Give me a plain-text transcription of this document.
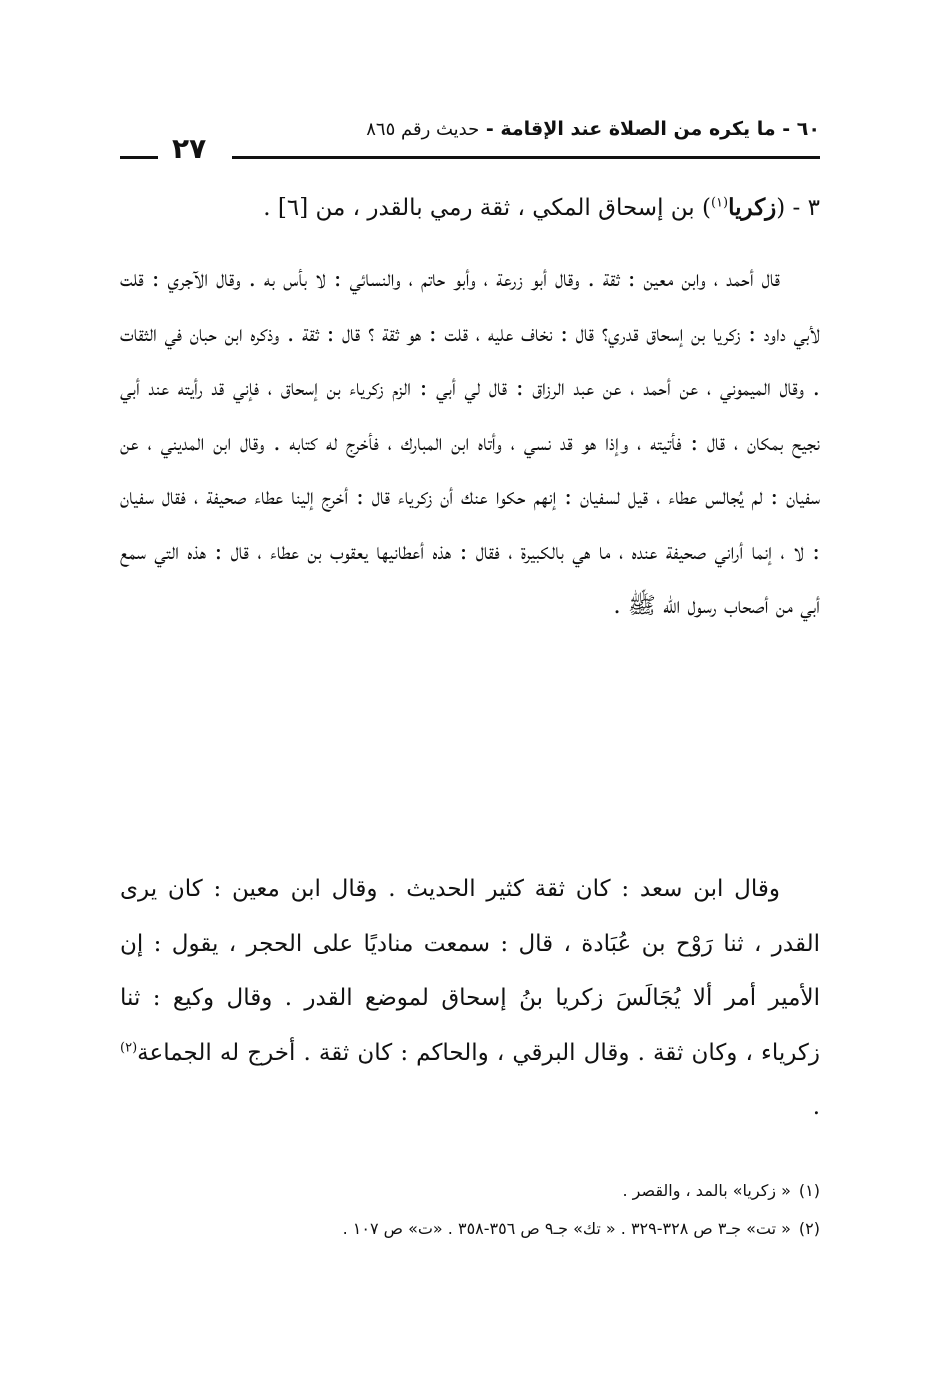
٦٠ - ما يكره من الصلاة عند الإقامة - حديث رقم ٨٦٥
٢٧
٣ - (زكريا$^{(١)}$) بن إسحاق المكي ، ثقة رمي بالقدر ، من [٦] .

قال أحمد ، وابن معين : ثقة . وقال أبو زرعة ، وأبو حاتم ، والنسائي : لا بأس به . وقال الآجري : قلت لأبي داود : زكريا بن إسحاق قدري؟ قال : نخاف عليه ، قلت : هو ثقة ؟ قال : ثقة . وذكره ابن حبان في الثقات . وقال الميموني ، عن أحمد ، عن عبد الرزاق : قال لي أبي : الزم زكرياء بن إسحاق ، فإني قد رأيته عند أبي نجيح بمكان ، قال : فأتيته ، وإذا هو قد نسي ، وأتاه ابن المبارك ، فأخرج له كتابه . وقال ابن المديني ، عن سفيان : لم يُجالس عطاء ، قيل لسفيان : إنهم حكوا عنك أن زكرياء قال : أخرج إلينا عطاء صحيفة ، فقال سفيان : لا ، إنما أراني صحيفة عنده ، ما هي بالكبيرة ، فقال : هذه أعطانيها يعقوب بن عطاء ، قال : هذه التي سمع أبي من أصحاب رسول الله ﷺ .

وقال ابن سعد : كان ثقة كثير الحديث . وقال ابن معين : كان يرى القدر ، ثنا رَوْح بن عُبَادة ، قال : سمعت مناديًا على الحجر ، يقول : إن الأمير أمر ألا يُجَالَسَ زكريا بنُ إسحاق لموضع القدر . وقال وكيع : ثنا زكرياء ، وكان ثقة . وقال البرقي ، والحاكم : كان ثقة . أخرج له الجماعة$^{(٢)}$ .

(١)« زكريا» بالمد ، والقصر .
(٢)« تت» جـ٣ ص ٣٢٨-٣٢٩ . « تك» جـ٩ ص ٣٥٦-٣٥٨ . «ت» ص ١٠٧ .
